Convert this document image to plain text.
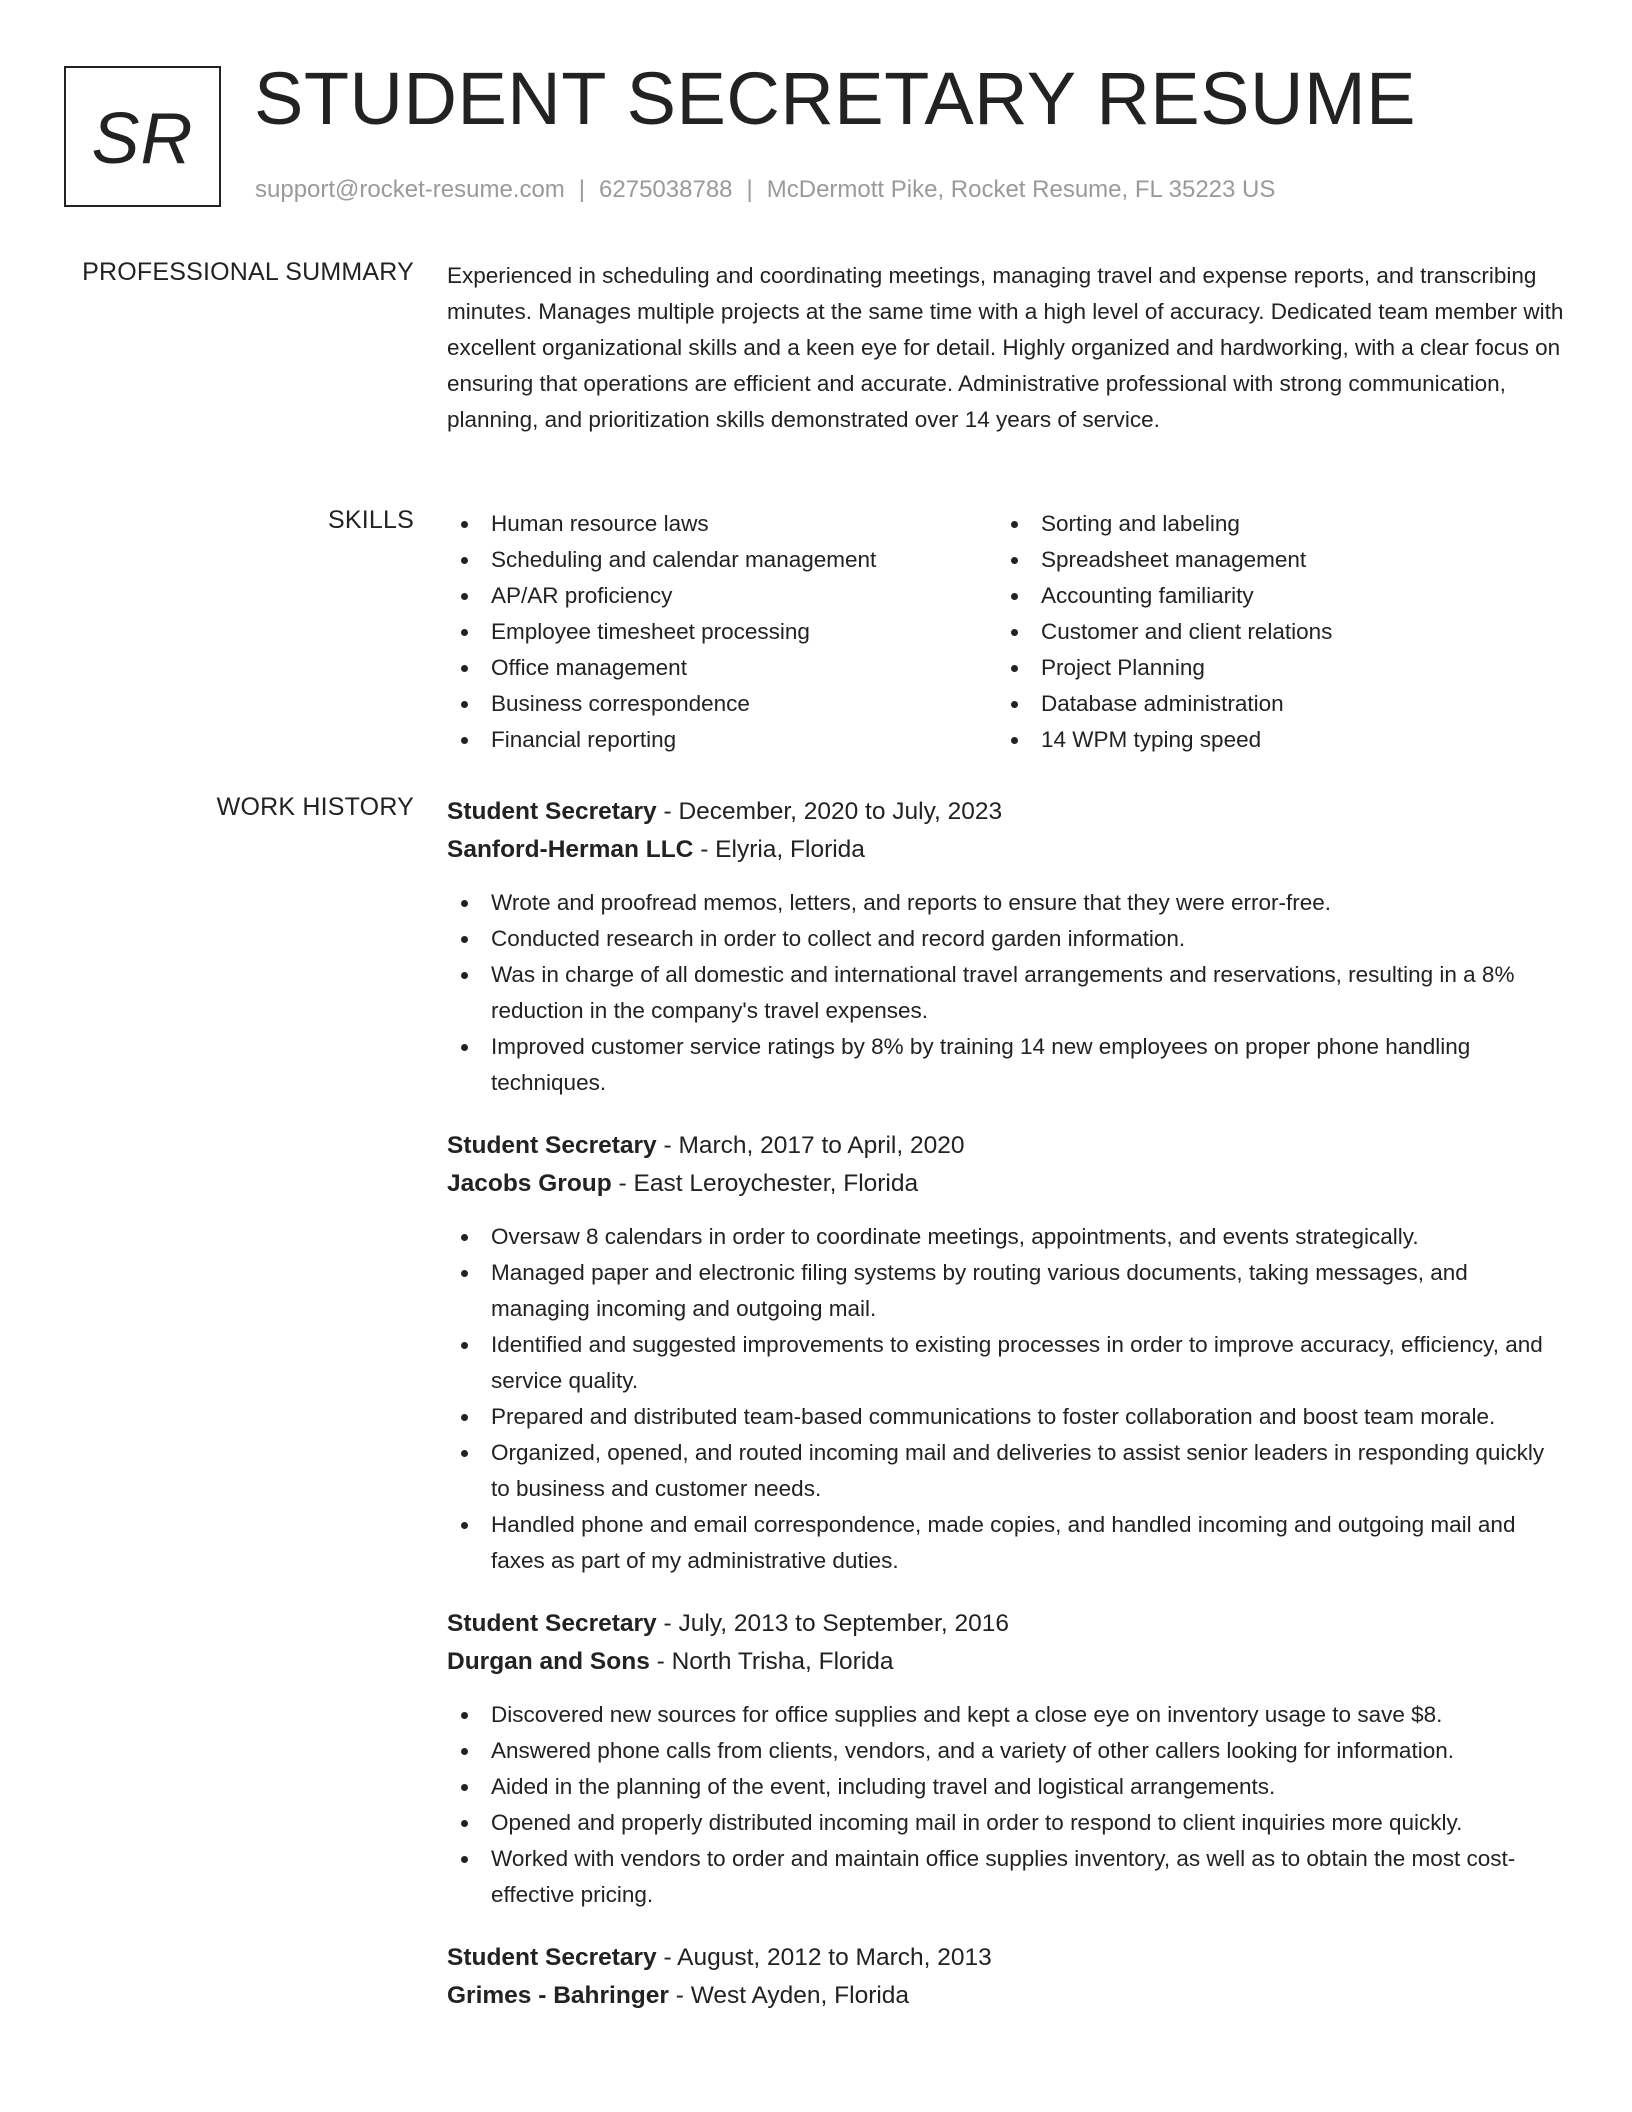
SR STUDENT SECRETARY RESUME
support@rocket-resume.com | 6275038788 | McDermott Pike, Rocket Resume, FL 35223 US
PROFESSIONAL SUMMARY Experienced in scheduling and coordinating meetings, managing travel and expense reports, and transcribing minutes. Manages multiple projects at the same time with a high level of accuracy. Dedicated team member with excellent organizational skills and a keen eye for detail. Highly organized and hardworking, with a clear focus on ensuring that operations are efficient and accurate. Administrative professional with strong communication, planning, and prioritization skills demonstrated over 14 years of service.

SKILLS	Human resource laws
Scheduling and calendar management
AP/AR proficiency
Employee timesheet processing
Office management
Business correspondence
Financial reporting
Sorting and labeling
Spreadsheet management
Accounting familiarity
Customer and client relations
Project Planning
Database administration
14 WPM typing speed
WORK HISTORY Student Secretary - December, 2020 to July, 2023
Sanford-Herman LLC - Elyria, Florida
Wrote and proofread memos, letters, and reports to ensure that they were error-free.
Conducted research in order to collect and record garden information.
Was in charge of all domestic and international travel arrangements and reservations, resulting in a 8% reduction in the company's travel expenses.
Improved customer service ratings by 8% by training 14 new employees on proper phone handling techniques.
Student Secretary - March, 2017 to April, 2020
Jacobs Group - East Leroychester, Florida
Oversaw 8 calendars in order to coordinate meetings, appointments, and events strategically.
Managed paper and electronic filing systems by routing various documents, taking messages, and managing incoming and outgoing mail.
Identified and suggested improvements to existing processes in order to improve accuracy, efficiency, and service quality.
Prepared and distributed team-based communications to foster collaboration and boost team morale.
Organized, opened, and routed incoming mail and deliveries to assist senior leaders in responding quickly to business and customer needs.
Handled phone and email correspondence, made copies, and handled incoming and outgoing mail and faxes as part of my administrative duties.
Student Secretary - July, 2013 to September, 2016
Durgan and Sons - North Trisha, Florida
Discovered new sources for office supplies and kept a close eye on inventory usage to save $8.
Answered phone calls from clients, vendors, and a variety of other callers looking for information.
Aided in the planning of the event, including travel and logistical arrangements.
Opened and properly distributed incoming mail in order to respond to client inquiries more quickly.
Worked with vendors to order and maintain office supplies inventory, as well as to obtain the most cost-effective pricing.
Student Secretary - August, 2012 to March, 2013
Grimes - Bahringer - West Ayden, Florida
